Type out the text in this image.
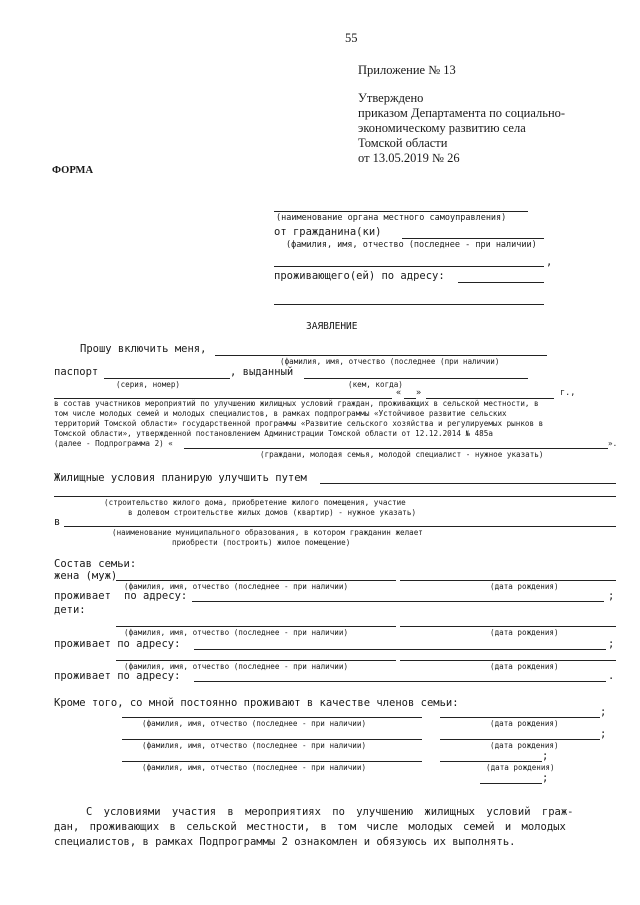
55
Приложение № 13
Утверждено
приказом Департамента по социально-
экономическому развитию села
Томской области
от 13.05.2019 № 26
ФОРМА
(наименование органа местного самоуправления)
от гражданина(ки)
(фамилия, имя, отчество (последнее - при наличии)
,
проживающего(ей) по адресу:
ЗАЯВЛЕНИЕ
Прошу включить меня,
(фамилия, имя, отчество (последнее (при наличии)
паспорт	, выданный
(серия, номер)	(кем, когда)
« »	г.,
в состав участников мероприятий по улучшению жилищных условий граждан, проживающих в сельской местности, в
том числе молодых семей и молодых специалистов, в рамках подпрограммы «Устойчивое развитие сельских
территорий Томской области» государственной программы «Развитие сельского хозяйства и регулируемых рынков в
Томской области», утвержденной постановлением Администрации Томской области от 12.12.2014 № 485а
(далее - Подпрограмма 2) «	».
(граждани, молодая семья, молодой специалист - нужное указать)
Жилищные условия планирую улучшить путем
(строительство жилого дома, приобретение жилого помещения, участие
в долевом строительстве жилых домов (квартир) - нужное указать)
в
(наименование муниципального образования, в котором гражданин желает
приобрести (построить) жилое помещение)
Состав семьи:
жена (муж)
(фамилия, имя, отчество (последнее - при наличии)	(дата рождения)
проживает по адресу:	;
дети:
(фамилия, имя, отчество (последнее - при наличии)	(дата рождения)
проживает по адресу:	;
(фамилия, имя, отчество (последнее - при наличии)	(дата рождения)
проживает по адресу:	.
Кроме того, со мной постоянно проживают в качестве членов семьи:
;
(фамилия, имя, отчество (последнее - при наличии)	(дата рождения)
;
(фамилия, имя, отчество (последнее - при наличии)	(дата рождения)
;
(фамилия, имя, отчество (последнее - при наличии)	(дата рождения)
;
С условиями участия в мероприятиях по улучшению жилищных условий граж-
дан, проживающих в сельской местности, в том числе молодых семей и молодых
специалистов, в рамках Подпрограммы 2 ознакомлен и обязуюсь их выполнять.
